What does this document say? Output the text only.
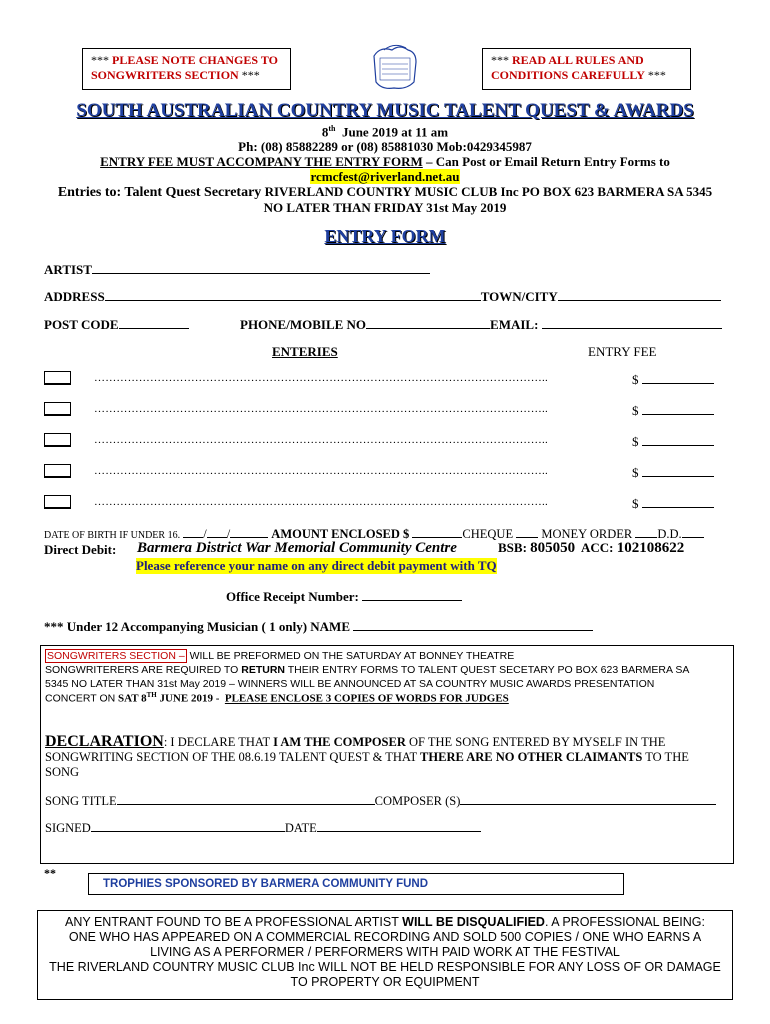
*** PLEASE NOTE CHANGES TO SONGWRITERS SECTION ***
*** READ ALL RULES AND CONDITIONS CAREFULLY ***
SOUTH AUSTRALIAN COUNTRY MUSIC TALENT QUEST & AWARDS
8th June 2019 at 11 am
Ph: (08) 85882289 or (08) 85881030 Mob:0429345987
ENTRY FEE MUST ACCOMPANY THE ENTRY FORM – Can Post or Email Return Entry Forms to
rcmcfest@riverland.net.au
Entries to: Talent Quest Secretary RIVERLAND COUNTRY MUSIC CLUB Inc PO BOX 623 BARMERA SA 5345
NO LATER THAN FRIDAY 31st May 2019
ENTRY FORM
ARTIST
ADDRESS	TOWN/CITY
POST CODE	PHONE/MOBILE NO	EMAIL:
ENTERIES	ENTRY FEE
…………………………………………………………………………………………………………..	$
…………………………………………………………………………………………………………..	$
…………………………………………………………………………………………………………..	$
…………………………………………………………………………………………………………..	$
…………………………………………………………………………………………………………..	$
DATE OF BIRTH IF UNDER 16. / /	AMOUNT ENCLOSED $	CHEQUE MONEY ORDER D.D.
Direct Debit: Barmera District War Memorial Community Centre	BSB: 805050 ACC: 102108622
Please reference your name on any direct debit payment with TQ
Office Receipt Number:
*** Under 12 Accompanying Musician ( 1 only) NAME
SONGWRITERS SECTION – WILL BE PREFORMED ON THE SATURDAY AT BONNEY THEATRE
SONGWRITERERS ARE REQUIRED TO RETURN THEIR ENTRY FORMS TO TALENT QUEST SECETARY PO BOX 623 BARMERA SA
5345 NO LATER THAN 31st May 2019 – WINNERS WILL BE ANNOUNCED AT SA COUNTRY MUSIC AWARDS PRESENTATION
CONCERT ON SAT 8TH JUNE 2019 - PLEASE ENCLOSE 3 COPIES OF WORDS FOR JUDGES
DECLARATION: I DECLARE THAT I AM THE COMPOSER OF THE SONG ENTERED BY MYSELF IN THE
SONGWRITING SECTION OF THE 08.6.19 TALENT QUEST & THAT THERE ARE NO OTHER CLAIMANTS TO THE
SONG
SONG TITLE	COMPOSER (S)
SIGNED	DATE
**
TROPHIES SPONSORED BY BARMERA COMMUNITY FUND
ANY ENTRANT FOUND TO BE A PROFESSIONAL ARTIST WILL BE DISQUALIFIED. A PROFESSIONAL BEING:
ONE WHO HAS APPEARED ON A COMMERCIAL RECORDING AND SOLD 500 COPIES / ONE WHO EARNS A
LIVING AS A PERFORMER / PERFORMERS WITH PAID WORK AT THE FESTIVAL
THE RIVERLAND COUNTRY MUSIC CLUB Inc WILL NOT BE HELD RESPONSIBLE FOR ANY LOSS OF OR DAMAGE
TO PROPERTY OR EQUIPMENT
